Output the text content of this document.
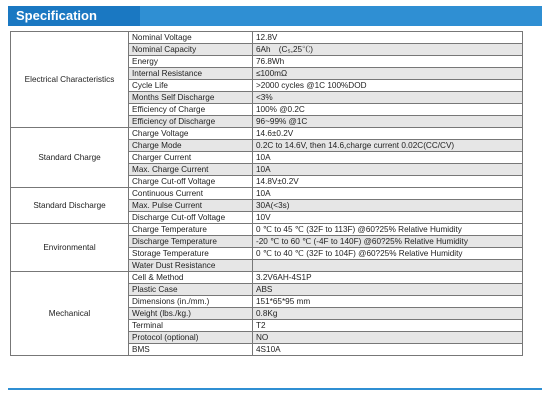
Specification
Electrical Characteristics	Nominal Voltage	12.8V
	Nominal Capacity	6Ah　(C₅,25℃)
	Energy	76.8Wh
	Internal Resistance	≤100mΩ
	Cycle Life	>2000 cycles @1C 100%DOD
	Months Self Discharge	<3%
	Efficiency of Charge	100% @0.2C
	Efficiency of Discharge	96~99% @1C
Standard Charge	Charge Voltage	14.6±0.2V
	Charge Mode	0.2C to 14.6V, then 14.6,charge current 0.02C(CC/CV)
	Charger Current	10A
	Max. Charge Current	10A
	Charge Cut-off Voltage	14.8V±0.2V
Standard Discharge	Continuous Current	10A
	Max. Pulse Current	30A(<3s)
	Discharge Cut-off Voltage	10V
Environmental	Charge Temperature	0 ℃ to 45 ℃ (32F to 113F) @60?25% Relative Humidity
	Discharge Temperature	-20 ℃ to 60 ℃ (-4F to 140F) @60?25% Relative Humidity
	Storage Temperature	0 ℃ to 40 ℃ (32F to 104F) @60?25% Relative Humidity
	Water Dust Resistance	
Mechanical	Cell & Method	3.2V6AH-4S1P
	Plastic Case	ABS
	Dimensions (in./mm.)	151*65*95 mm
	Weight (lbs./kg.)	0.8Kg
	Terminal	T2
	Protocol (optional)	NO
	BMS	4S10A
